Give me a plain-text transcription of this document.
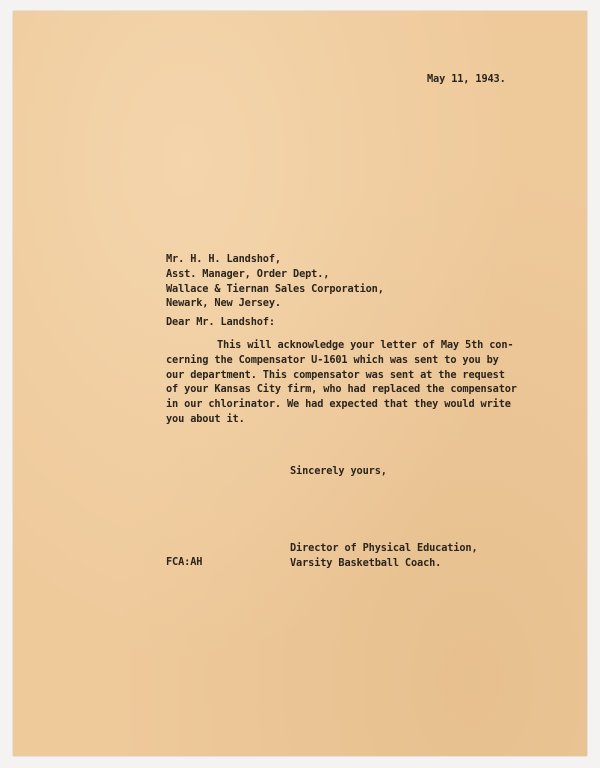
May 11, 1943.

Mr. H. H. Landshof,
Asst. Manager, Order Dept.,
Wallace & Tiernan Sales Corporation,
Newark, New Jersey.

Dear Mr. Landshof:

This will acknowledge your letter of May 5th con-
cerning the Compensator U-1601 which was sent to you by
our department. This compensator was sent at the request
of your Kansas City firm, who had replaced the compensator
in our chlorinator. We had expected that they would write
you about it.

Sincerely yours,

Director of Physical Education,
Varsity Basketball Coach.

FCA:AH
